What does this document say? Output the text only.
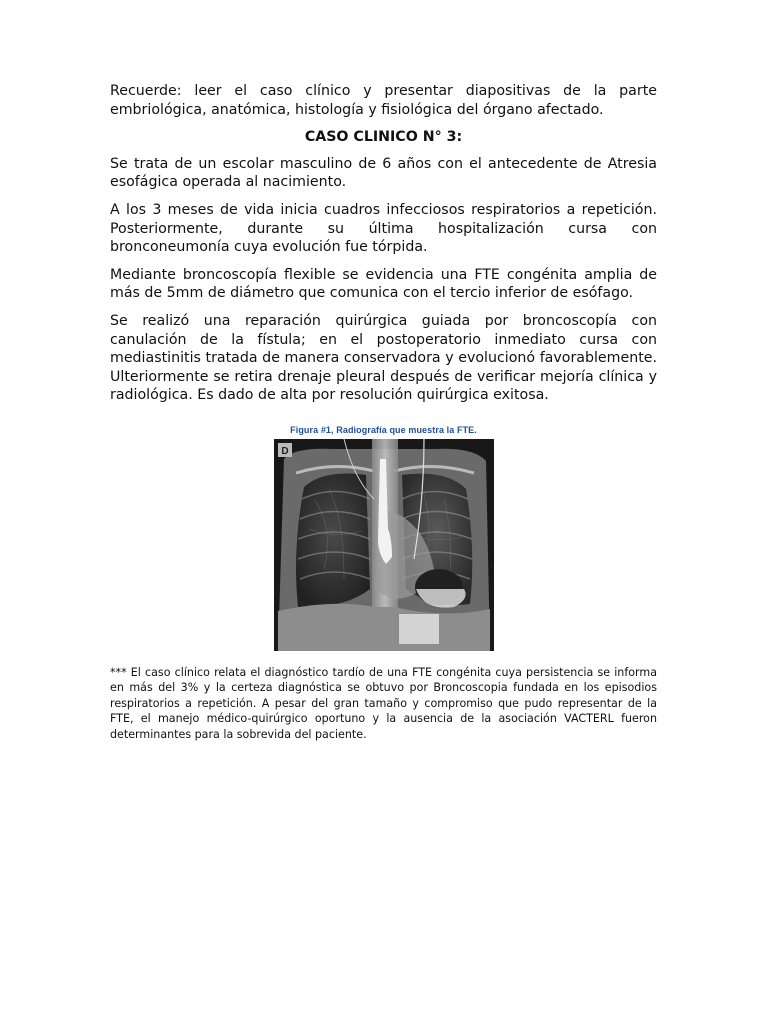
Recuerde: leer el caso clínico y presentar diapositivas de la parte embriológica, anatómica, histología y fisiológica del órgano afectado.

CASO CLINICO N° 3:

Se trata de un escolar masculino de 6 años con el antecedente de Atresia esofágica operada al nacimiento.

A los 3 meses de vida inicia cuadros infecciosos respiratorios a repetición. Posteriormente, durante su última hospitalización cursa con bronconeumonía cuya evolución fue tórpida.

Mediante broncoscopía flexible se evidencia una FTE congénita amplia de más de 5mm de diámetro que comunica con el tercio inferior de esófago.

Se realizó una reparación quirúrgica guiada por broncoscopía con canulación de la fístula; en el postoperatorio inmediato cursa con mediastinitis tratada de manera conservadora y evolucionó favorablemente. Ulteriormente se retira drenaje pleural después de verificar mejoría clínica y radiológica. Es dado de alta por resolución quirúrgica exitosa.

Figura #1, Radiografía que muestra la FTE.
D

*** El caso clínico relata el diagnóstico tardío de una FTE congénita cuya persistencia se informa en más del 3% y la certeza diagnóstica se obtuvo por Broncoscopia fundada en los episodios respiratorios a repetición. A pesar del gran tamaño y compromiso que pudo representar de la FTE, el manejo médico-quirúrgico oportuno y la ausencia de la asociación VACTERL fueron determinantes para la sobrevida del paciente.
